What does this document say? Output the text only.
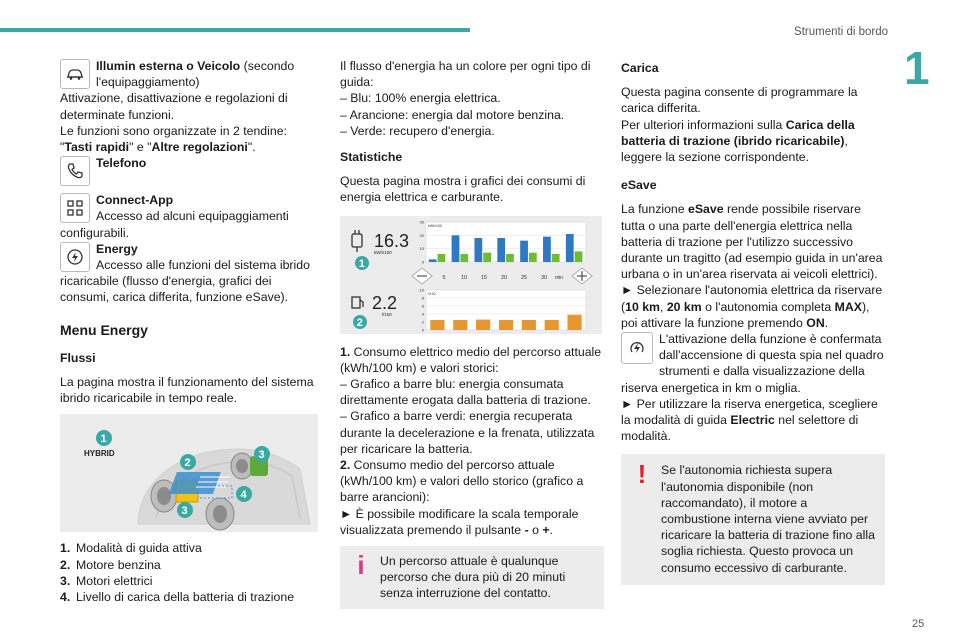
Strumenti di bordo
1
25
Illumin esterna o Veicolo (secondo l'equipaggiamento)

Attivazione, disattivazione e regolazioni di determinate funzioni.

Le funzioni sono organizzate in 2 tendine: "Tasti rapidi" e "Altre regolazioni".

Telefono
Connect-App
Accesso ad alcuni equipaggiamenti

configurabili.

Energy
Accesso alle funzioni del sistema ibrido ricaricabile (flusso d'energia, grafici dei consumi, carica differita, funzione eSave).
Menu Energy
Flussi

La pagina mostra il funzionamento del sistema ibrido ricaricabile in tempo reale.

HYBRID
1
2
3
3
4
1. Modalità di guida attiva
2. Motore benzina
3. Motori elettrici
4. Livello di carica della batteria di trazione

Il flusso d'energia ha un colore per ogni tipo di guida:

– Blu: 100% energia elettrica.
– Arancione: energia dal motore benzina.
– Verde: recupero d'energia.
Statistiche

Questa pagina mostra i grafici dei consumi di energia elettrica e carburante.

16.3
kWh/100
1
2.2
l/100
2
0
10
20
30
kWh/100
0
2
4
6
8
10
l/100
5	10	15	20	25	30 min

1. Consumo elettrico medio del percorso attuale (kWh/100 km) e valori storici:

– Grafico a barre blu: energia consumata direttamente erogata dalla batteria di trazione.
– Grafico a barre verdi: energia recuperata durante la decelerazione e la frenata, utilizzata per ricaricare la batteria.
2. Consumo medio del percorso attuale (kWh/100 km) e valori dello storico (grafico a barre arancioni):

► È possibile modificare la scala temporale visualizzata premendo il pulsante - o +.

i	Un percorso attuale è qualunque percorso che dura più di 20 minuti senza interruzione del contatto.
Carica

Questa pagina consente di programmare la carica differita.

Per ulteriori informazioni sulla Carica della batteria di trazione (ibrido ricaricabile), leggere la sezione corrispondente.

eSave

La funzione eSave rende possibile riservare tutta o una parte dell'energia elettrica nella batteria di trazione per l'utilizzo successivo durante un tragitto (ad esempio guida in un'area urbana o in un'area riservata ai veicoli elettrici).

► Selezionare l'autonomia elettrica da riservare (10 km, 20 km o l'autonomia completa MAX), poi attivare la funzione premendo ON.

L'attivazione della funzione è confermata dall'accensione di questa spia nel quadro strumenti e dalla visualizzazione della riserva energetica in km o miglia.

► Per utilizzare la riserva energetica, scegliere la modalità di guida Electric nel selettore di modalità.

!	Se l'autonomia richiesta supera l'autonomia disponibile (non raccomandato), il motore a combustione interna viene avviato per ricaricare la batteria di trazione fino alla soglia richiesta. Questo provoca un consumo eccessivo di carburante.
